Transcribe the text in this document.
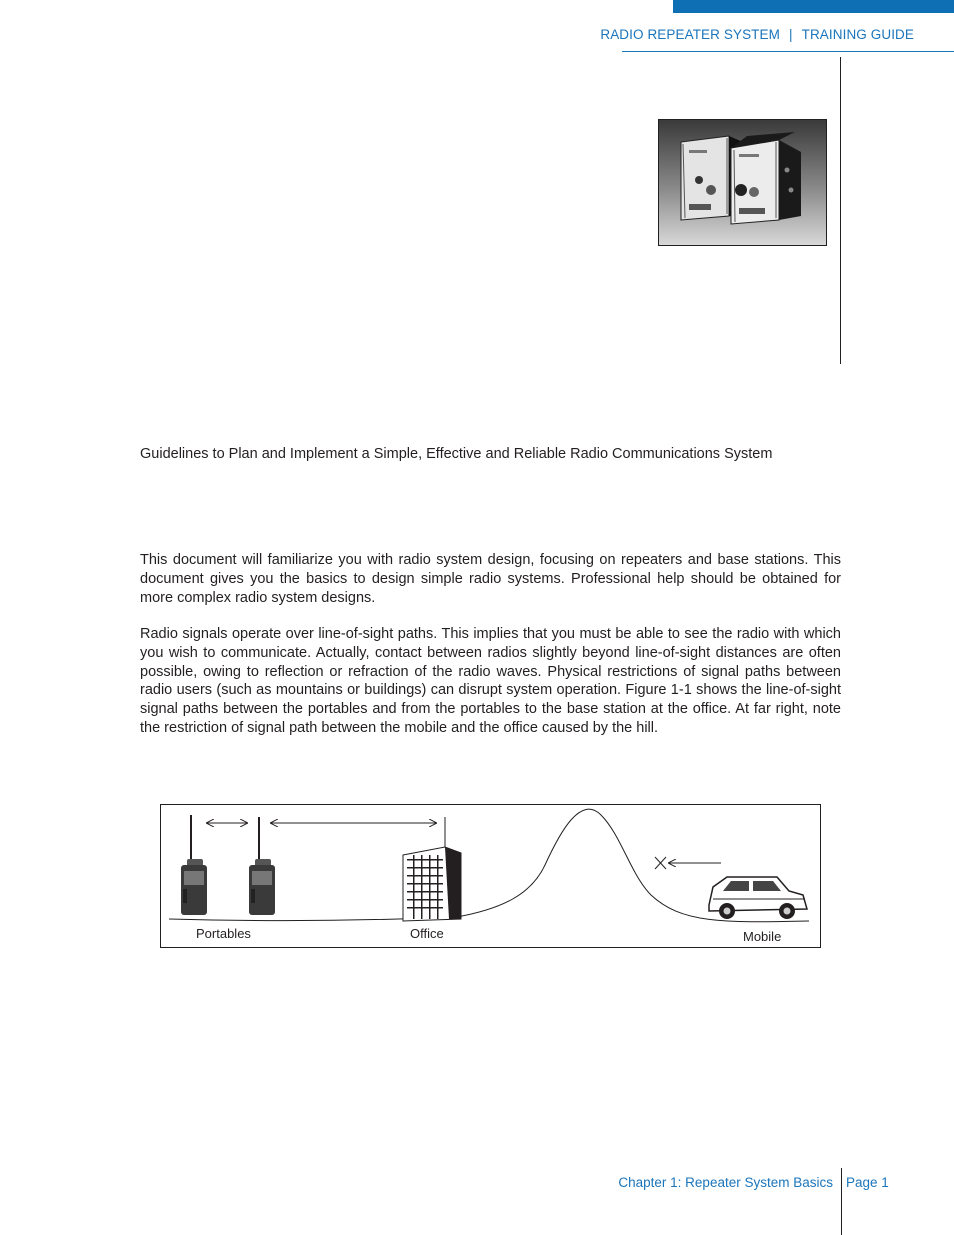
RADIO REPEATER SYSTEM | TRAINING GUIDE
Guidelines to Plan and Implement a Simple, Effective and Reliable Radio Communications System

This document will familiarize you with radio system design, focusing on repeaters and base stations. This document gives you the basics to design simple radio systems. Professional help should be obtained for more complex radio system designs.

Radio signals operate over line-of-sight paths. This implies that you must be able to see the radio with which you wish to communicate. Actually, contact between radios slightly beyond line-of-sight distances are often possible, owing to reflection or refraction of the radio waves. Physical restrictions of signal paths between radio users (such as mountains or buildings) can disrupt system operation. Figure 1-1 shows the line-of-sight signal paths between the portables and from the portables to the base station at the office. At far right, note the restriction of signal path between the mobile and the office caused by the hill.

Portables	Office	Mobile
Chapter 1: Repeater System Basics Page 1
